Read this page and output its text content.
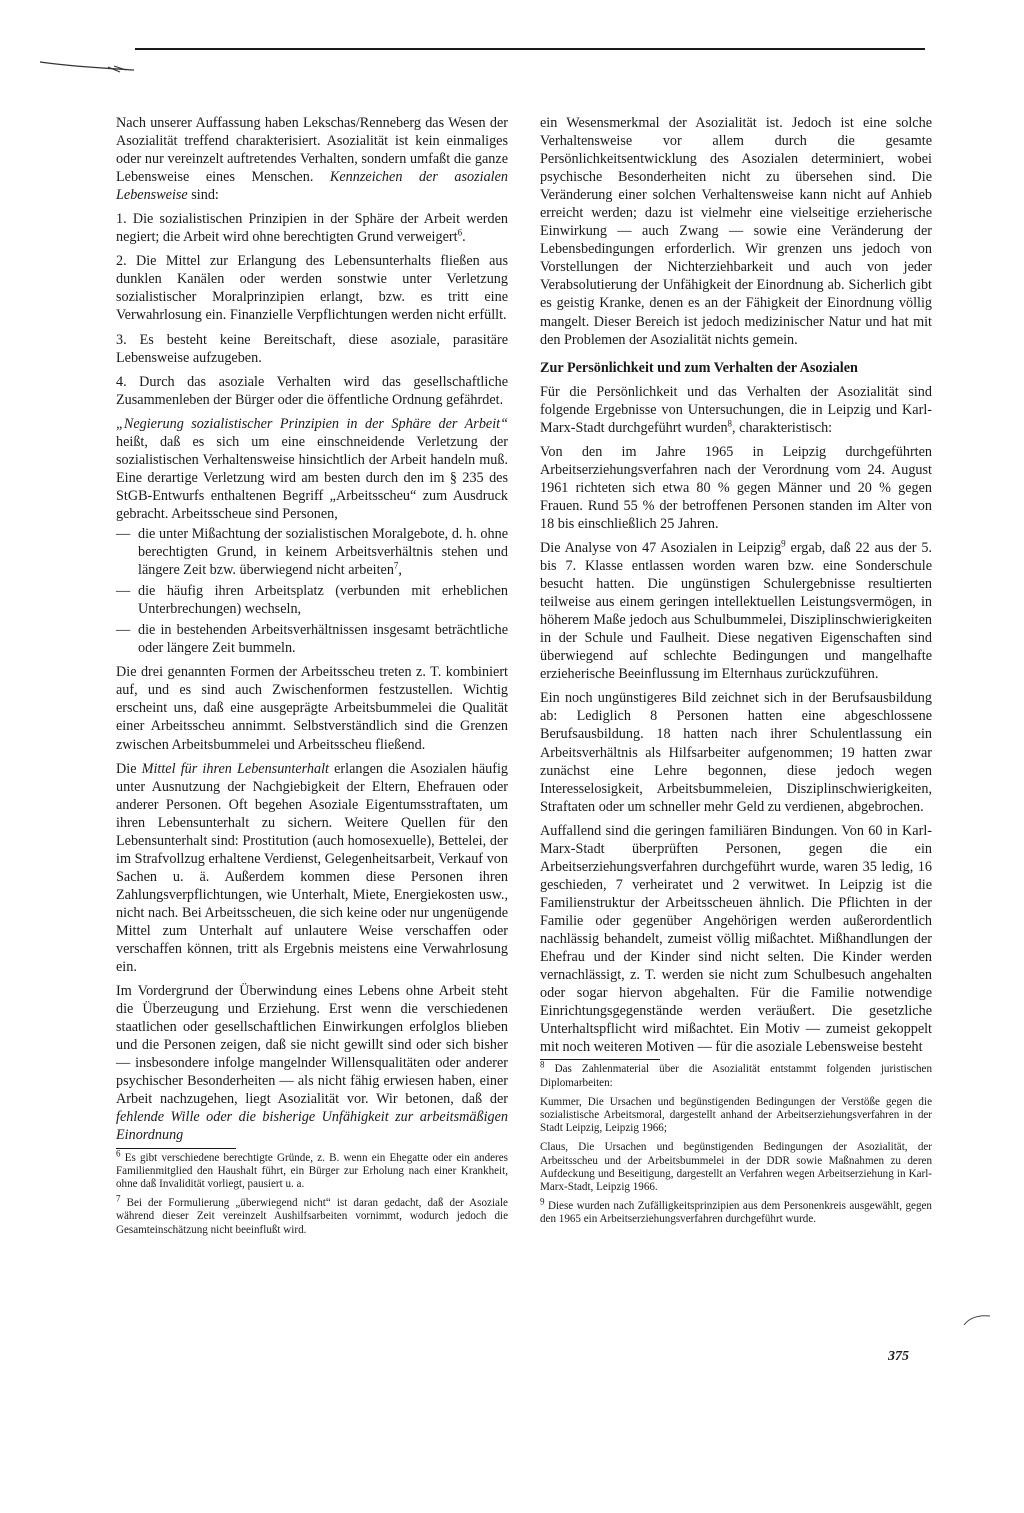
Nach unserer Auffassung haben Lekschas/Renneberg das Wesen der Asozialität treffend charakterisiert. Asozialität ist kein einmaliges oder nur vereinzelt auftretendes Verhalten, sondern umfaßt die ganze Lebensweise eines Menschen. Kennzeichen der asozialen Lebensweise sind:

1. Die sozialistischen Prinzipien in der Sphäre der Arbeit werden negiert; die Arbeit wird ohne berechtigten Grund verweigert$^6$.

2. Die Mittel zur Erlangung des Lebensunterhalts fließen aus dunklen Kanälen oder werden sonstwie unter Verletzung sozialistischer Moralprinzipien erlangt, bzw. es tritt eine Verwahrlosung ein. Finanzielle Verpflichtungen werden nicht erfüllt.

3. Es besteht keine Bereitschaft, diese asoziale, parasitäre Lebensweise aufzugeben.

4. Durch das asoziale Verhalten wird das gesellschaftliche Zusammenleben der Bürger oder die öffentliche Ordnung gefährdet.

„Negierung sozialistischer Prinzipien in der Sphäre der Arbeit“ heißt, daß es sich um eine einschneidende Verletzung der sozialistischen Verhaltensweise hinsichtlich der Arbeit handeln muß. Eine derartige Verletzung wird am besten durch den im § 235 des StGB-Entwurfs enthaltenen Begriff „Arbeitsscheu“ zum Ausdruck gebracht. Arbeitsscheue sind Personen,

— die unter Mißachtung der sozialistischen Moralgebote, d. h. ohne berechtigten Grund, in keinem Arbeitsverhältnis stehen und längere Zeit bzw. überwiegend nicht arbeiten$^7$,
— die häufig ihren Arbeitsplatz (verbunden mit erheblichen Unterbrechungen) wechseln,
— die in bestehenden Arbeitsverhältnissen insgesamt beträchtliche oder längere Zeit bummeln.

Die drei genannten Formen der Arbeitsscheu treten z. T. kombiniert auf, und es sind auch Zwischenformen festzustellen. Wichtig erscheint uns, daß eine ausgeprägte Arbeitsbummelei die Qualität einer Arbeitsscheu annimmt. Selbstverständlich sind die Grenzen zwischen Arbeitsbummelei und Arbeitsscheu fließend.

Die Mittel für ihren Lebensunterhalt erlangen die Asozialen häufig unter Ausnutzung der Nachgiebigkeit der Eltern, Ehefrauen oder anderer Personen. Oft begehen Asoziale Eigentumsstraftaten, um ihren Lebensunterhalt zu sichern. Weitere Quellen für den Lebensunterhalt sind: Prostitution (auch homosexuelle), Bettelei, der im Strafvollzug erhaltene Verdienst, Gelegenheitsarbeit, Verkauf von Sachen u. ä. Außerdem kommen diese Personen ihren Zahlungsverpflichtungen, wie Unterhalt, Miete, Energiekosten usw., nicht nach. Bei Arbeitsscheuen, die sich keine oder nur ungenügende Mittel zum Unterhalt auf unlautere Weise verschaffen oder verschaffen können, tritt als Ergebnis meistens eine Verwahrlosung ein.

Im Vordergrund der Überwindung eines Lebens ohne Arbeit steht die Überzeugung und Erziehung. Erst wenn die verschiedenen staatlichen oder gesellschaftlichen Einwirkungen erfolglos blieben und die Personen zeigen, daß sie nicht gewillt sind oder sich bisher — insbesondere infolge mangelnder Willensqualitäten oder anderer psychischer Besonderheiten — als nicht fähig erwiesen haben, einer Arbeit nachzugehen, liegt Asozialität vor. Wir betonen, daß der fehlende Wille oder die bisherige Unfähigkeit zur arbeitsmäßigen Einordnung

$^6$ Es gibt verschiedene berechtigte Gründe, z. B. wenn ein Ehegatte oder ein anderes Familienmitglied den Haushalt führt, ein Bürger zur Erholung nach einer Krankheit, ohne daß Invalidität vorliegt, pausiert u. a.

$^7$ Bei der Formulierung „überwiegend nicht“ ist daran gedacht, daß der Asoziale während dieser Zeit vereinzelt Aushilfsarbeiten vornimmt, wodurch jedoch die Gesamteinschätzung nicht beeinflußt wird.

ein Wesensmerkmal der Asozialität ist. Jedoch ist eine solche Verhaltensweise vor allem durch die gesamte Persönlichkeitsentwicklung des Asozialen determiniert, wobei psychische Besonderheiten nicht zu übersehen sind. Die Veränderung einer solchen Verhaltensweise kann nicht auf Anhieb erreicht werden; dazu ist vielmehr eine vielseitige erzieherische Einwirkung — auch Zwang — sowie eine Veränderung der Lebensbedingungen erforderlich. Wir grenzen uns jedoch von Vorstellungen der Nichterziehbarkeit und auch von jeder Verabsolutierung der Unfähigkeit der Einordnung ab. Sicherlich gibt es geistig Kranke, denen es an der Fähigkeit der Einordnung völlig mangelt. Dieser Bereich ist jedoch medizinischer Natur und hat mit den Problemen der Asozialität nichts gemein.

Zur Persönlichkeit und zum Verhalten der Asozialen

Für die Persönlichkeit und das Verhalten der Asozialität sind folgende Ergebnisse von Untersuchungen, die in Leipzig und Karl-Marx-Stadt durchgeführt wurden$^8$, charakteristisch:

Von den im Jahre 1965 in Leipzig durchgeführten Arbeitserziehungsverfahren nach der Verordnung vom 24. August 1961 richteten sich etwa 80 % gegen Männer und 20 % gegen Frauen. Rund 55 % der betroffenen Personen standen im Alter von 18 bis einschließlich 25 Jahren.

Die Analyse von 47 Asozialen in Leipzig$^9$ ergab, daß 22 aus der 5. bis 7. Klasse entlassen worden waren bzw. eine Sonderschule besucht hatten. Die ungünstigen Schulergebnisse resultierten teilweise aus einem geringen intellektuellen Leistungsvermögen, in höherem Maße jedoch aus Schulbummelei, Disziplinschwierigkeiten in der Schule und Faulheit. Diese negativen Eigenschaften sind überwiegend auf schlechte Bedingungen und mangelhafte erzieherische Beeinflussung im Elternhaus zurückzuführen.

Ein noch ungünstigeres Bild zeichnet sich in der Berufsausbildung ab: Lediglich 8 Personen hatten eine abgeschlossene Berufsausbildung. 18 hatten nach ihrer Schulentlassung ein Arbeitsverhältnis als Hilfsarbeiter aufgenommen; 19 hatten zwar zunächst eine Lehre begonnen, diese jedoch wegen Interesselosigkeit, Arbeitsbummeleien, Disziplinschwierigkeiten, Straftaten oder um schneller mehr Geld zu verdienen, abgebrochen.

Auffallend sind die geringen familiären Bindungen. Von 60 in Karl-Marx-Stadt überprüften Personen, gegen die ein Arbeitserziehungsverfahren durchgeführt wurde, waren 35 ledig, 16 geschieden, 7 verheiratet und 2 verwitwet. In Leipzig ist die Familienstruktur der Arbeitsscheuen ähnlich. Die Pflichten in der Familie oder gegenüber Angehörigen werden außerordentlich nachlässig behandelt, zumeist völlig mißachtet. Mißhandlungen der Ehefrau und der Kinder sind nicht selten. Die Kinder werden vernachlässigt, z. T. werden sie nicht zum Schulbesuch angehalten oder sogar hiervon abgehalten. Für die Familie notwendige Einrichtungsgegenstände werden veräußert. Die gesetzliche Unterhaltspflicht wird mißachtet. Ein Motiv — zumeist gekoppelt mit noch weiteren Motiven — für die asoziale Lebensweise besteht

$^8$ Das Zahlenmaterial über die Asozialität entstammt folgenden juristischen Diplomarbeiten:

Kummer, Die Ursachen und begünstigenden Bedingungen der Verstöße gegen die sozialistische Arbeitsmoral, dargestellt anhand der Arbeitserziehungsverfahren in der Stadt Leipzig, Leipzig 1966;

Claus, Die Ursachen und begünstigenden Bedingungen der Asozialität, der Arbeitsscheu und der Arbeitsbummelei in der DDR sowie Maßnahmen zu deren Aufdeckung und Beseitigung, dargestellt an Verfahren wegen Arbeitserziehung in Karl-Marx-Stadt, Leipzig 1966.

$^9$ Diese wurden nach Zufälligkeitsprinzipien aus dem Personenkreis ausgewählt, gegen den 1965 ein Arbeitserziehungsverfahren durchgeführt wurde.

375
